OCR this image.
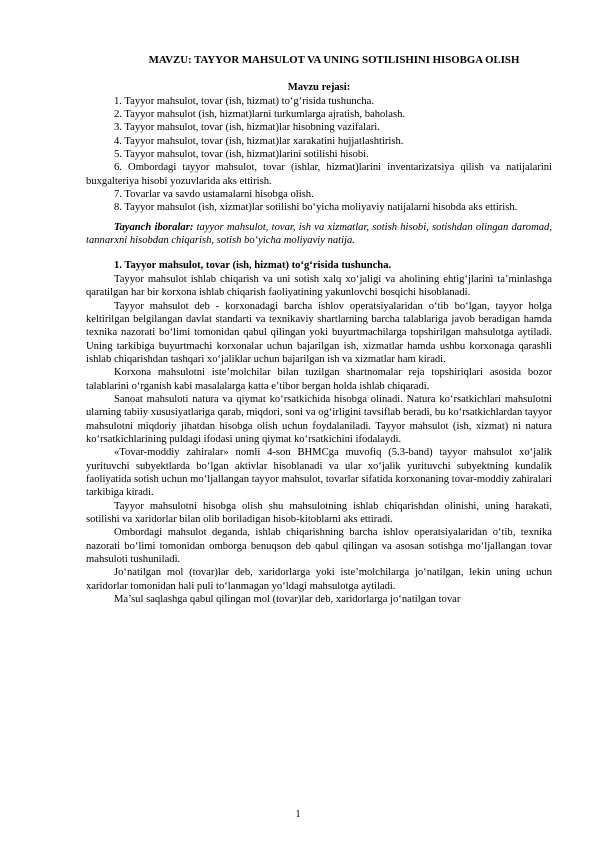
MAVZU: TAYYOR MAHSULOT VA UNING SOTILISHINI HISOBGA OLISH

Mavzu rejasi:

1. Tayyor mahsulot, tovar (ish, hizmat) to‘g‘risida tushuncha.

2. Tayyor mahsulot (ish, hizmat)larni turkumlarga ajratish, baholash.

3. Tayyor mahsulot, tovar (ish, hizmat)lar hisobning vazifalari.

4. Tayyor mahsulot, tovar (ish, hizmat)lar xarakatini hujjatlashtirish.

5. Tayyor mahsulot, tovar (ish, hizmat)larini sotilishi hisobi.

6. Ombordagi tayyor mahsulot, tovar (ishlar, hizmat)larini inventarizatsiya qilish va natijalarini buxgalteriya hisobi yozuvlarida aks ettirish.

7. Tovarlar va savdo ustamalarni hisobga olish.

8. Tayyor mahsulot (ish, xizmat)lar sotilishi bo‘yicha moliyaviy natijalarni hisobda aks ettirish.

Tayanch iboralar: tayyor mahsulot, tovar, ish va xizmatlar, sotish hisobi, sotishdan olingan daromad, tannarxni hisobdan chiqarish, sotish bo‘yicha moliyaviy natija.

1. Tayyor mahsulot, tovar (ish, hizmat) to‘g‘risida tushuncha.

Tayyor mahsulot ishlab chiqarish va uni sotish xalq xo‘jaligi va aholining ehtig‘jlarini ta’minlashga qaratilgan har bir korxona ishlab chiqarish faoliyatining yakunlovchi bosqichi hisoblanadi.

Tayyor mahsulot deb - korxonadagi barcha ishlov operatsiyalaridan o‘tib bo‘lgan, tayyor holga keltirilgan belgilangan davlat standarti va texnikaviy shartlarning barcha talablariga javob beradigan hamda texnika nazorati bo‘limi tomonidan qabul qilingan yoki buyurtmachilarga topshirilgan mahsulotga aytiladi. Uning tarkibiga buyurtmachi korxonalar uchun bajarilgan ish, xizmatlar hamda ushbu korxonaga qarashli ishlab chiqarishdan tashqari xo‘jaliklar uchun bajarilgan ish va xizmatlar ham kiradi.

Korxona mahsulotni iste’molchilar bilan tuzilgan shartnomalar reja topshiriqlari asosida bozor talablarini o‘rganish kabi masalalarga katta e’tibor bergan holda ishlab chiqaradi.

Sanoat mahsuloti natura va qiymat ko‘rsatkichida hisobga olinadi. Natura ko‘rsatkichlari mahsulotni ularning tabiiy xususiyatlariga qarab, miqdori, soni va og‘irligini tavsiflab beradi, bu ko‘rsatkichlardan tayyor mahsulotni miqdoriy jihatdan hisobga olish uchun foydalaniladi. Tayyor mahsulot (ish, xizmat) ni natura ko‘rsatkichlarining puldagi ifodasi uning qiymat ko‘rsatkichini ifodalaydi.

«Tovar-moddiy zahiralar» nomli 4-son BHMCga muvofiq (5.3-band) tayyor mahsulot xo‘jalik yurituvchi subyektlarda bo‘lgan aktivlar hisoblanadi va ular xo‘jalik yurituvchi subyektning kundalik faoliyatida sotish uchun mo‘ljallangan tayyor mahsulot, tovarlar sifatida korxonaning tovar-moddiy zahiralari tarkibiga kiradi.

Tayyor mahsulotni hisobga olish shu mahsulotning ishlab chiqarishdan olinishi, uning harakati, sotilishi va xaridorlar bilan olib boriladigan hisob-kitoblarni aks ettiradi.

Ombordagi mahsulot deganda, ishlab chiqarishning barcha ishlov operatsiyalaridan o‘tib, texnika nazorati bo‘limi tomonidan omborga benuqson deb qabul qilingan va asosan sotishga mo‘ljallangan tovar mahsuloti tushuniladi.

Jo‘natilgan mol (tovar)lar deb, xaridorlarga yoki iste’molchilarga jo‘natilgan, lekin uning uchun xaridorlar tomonidan hali puli to‘lanmagan yo‘ldagi mahsulotga aytiladi.

Ma’sul saqlashga qabul qilingan mol (tovar)lar deb, xaridorlarga jo‘natilgan tovar

1
